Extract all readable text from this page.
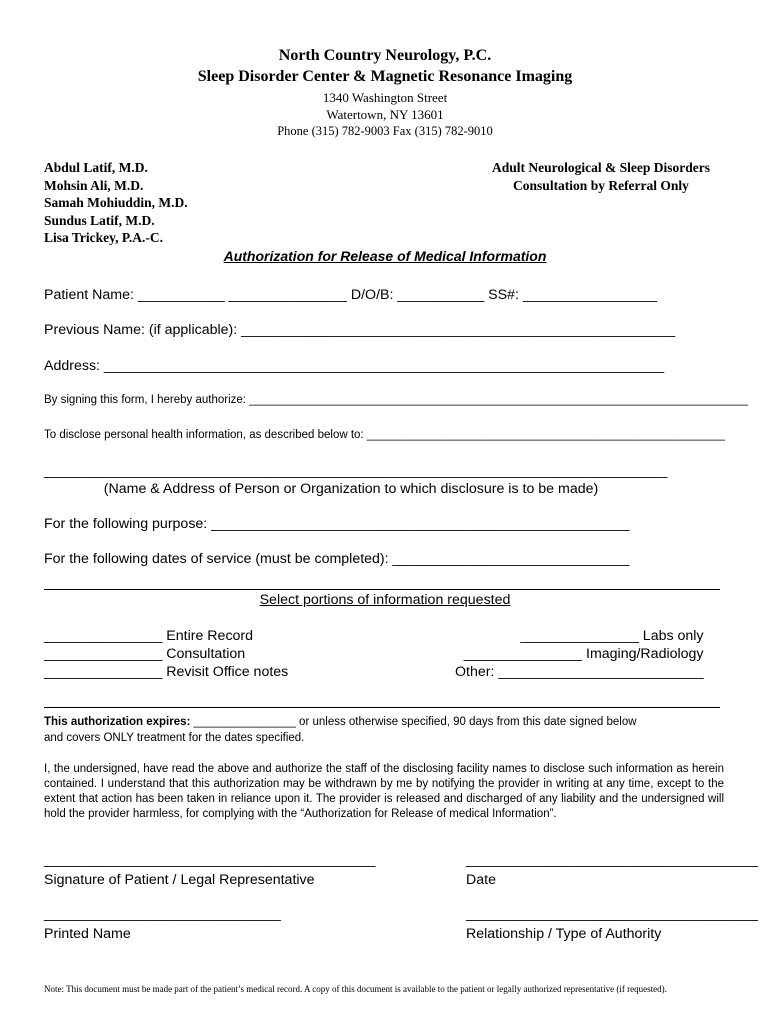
North Country Neurology, P.C.
Sleep Disorder Center & Magnetic Resonance Imaging
1340 Washington Street
Watertown, NY 13601
Phone (315) 782-9003 Fax (315) 782-9010
Abdul Latif, M.D.
Mohsin Ali, M.D.
Samah Mohiuddin, M.D.
Sundus Latif, M.D.
Lisa Trickey, P.A.-C.
Adult Neurological & Sleep Disorders
Consultation by Referral Only
Authorization for Release of Medical Information
Patient Name: ___________ _______________ D/O/B: ___________ SS#: _________________
Previous Name: (if applicable): _______________________________________________________
Address: _______________________________________________________________________
By signing this form, I hereby authorize: ______________________________________________________________________________
To disclose personal health information, as described below to: ________________________________________________________
_______________________________________________________________________________
(Name & Address of Person or Organization to which disclosure is to be made)
For the following purpose: _____________________________________________________
For the following dates of service (must be completed): ______________________________
Select portions of information requested
_______________ Entire Record
_______________ Consultation
_______________ Revisit Office notes
_______________ Labs only
_______________ Imaging/Radiology
Other: __________________________
This authorization expires: ________________ or unless otherwise specified, 90 days from this date signed below
and covers ONLY treatment for the dates specified.
I, the undersigned, have read the above and authorize the staff of the disclosing facility names to disclose such information as herein contained. I understand that this authorization may be withdrawn by me by notifying the provider in writing at any time, except to the extent that action has been taken in reliance upon it. The provider is released and discharged of any liability and the undersigned will hold the provider harmless, for complying with the “Authorization for Release of medical Information”.
__________________________________________	_____________________________________
Signature of Patient / Legal Representative	Date
______________________________	_____________________________________
Printed Name	Relationship / Type of Authority
Note: This document must be made part of the patient’s medical record. A copy of this document is available to the patient or legally authorized representative (if requested).
